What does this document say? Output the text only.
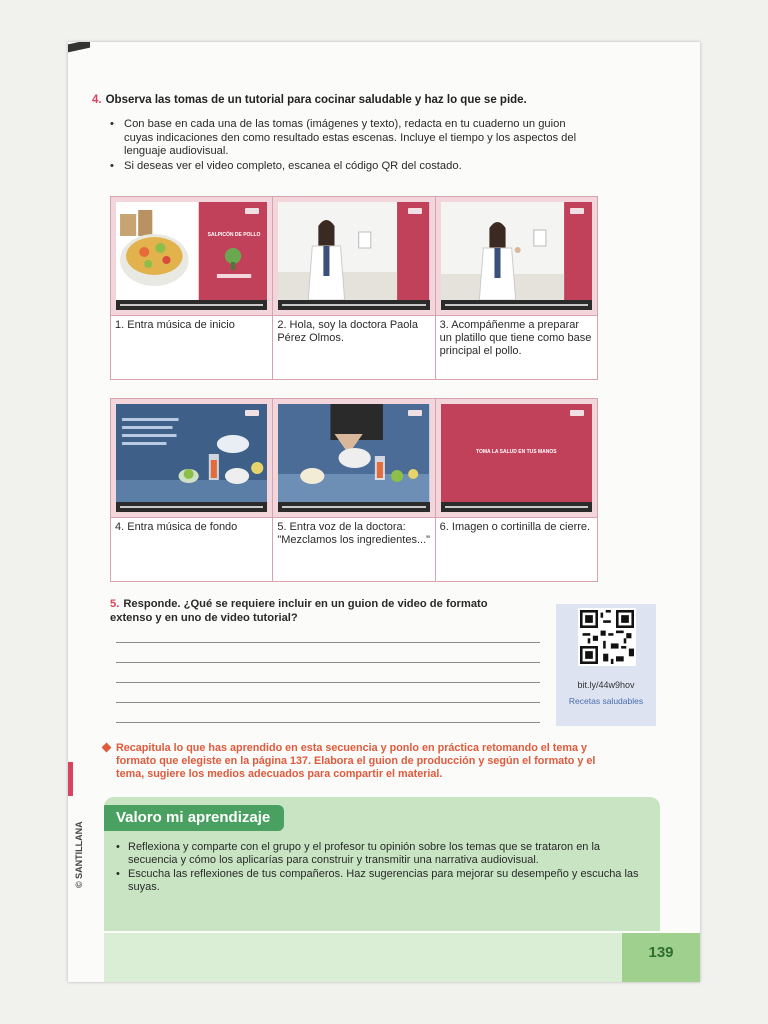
4. Observa las tomas de un tutorial para cocinar saludable y haz lo que se pide.
• Con base en cada una de las tomas (imágenes y texto), redacta en tu cuaderno un guion cuyas indicaciones den como resultado estas escenas. Incluye el tiempo y los aspectos del lenguaje audiovisual.
• Si deseas ver el video completo, escanea el código QR del costado.
SALPICÓN DE POLLO
1. Entra música de inicio	2. Hola, soy la doctora Paola Pérez Olmos.
3. Acompáñenme a preparar un platillo que tiene como base principal el pollo.
TOMA LA SALUD EN TUS MANOS
4. Entra música de fondo	5. Entra voz de la doctora: "Mezclamos los ingredientes..."
6. Imagen o cortinilla de cierre.
5. Responde. ¿Qué se requiere incluir en un guion de video de formato extenso y en uno de video tutorial?
bit.ly/44w9hov
Recetas saludables
Recapitula lo que has aprendido en esta secuencia y ponlo en práctica retomando el tema y formato que elegiste en la página 137. Elabora el guion de producción y según el formato y el tema, sugiere los medios adecuados para compartir el material.
Valoro mi aprendizaje
• Reflexiona y comparte con el grupo y el profesor tu opinión sobre los temas que se trataron en la secuencia y cómo los aplicarías para construir y transmitir una narrativa audiovisual.
• Escucha las reflexiones de tus compañeros. Haz sugerencias para mejorar su desempeño y escucha las suyas.
© SANTILLANA
139
